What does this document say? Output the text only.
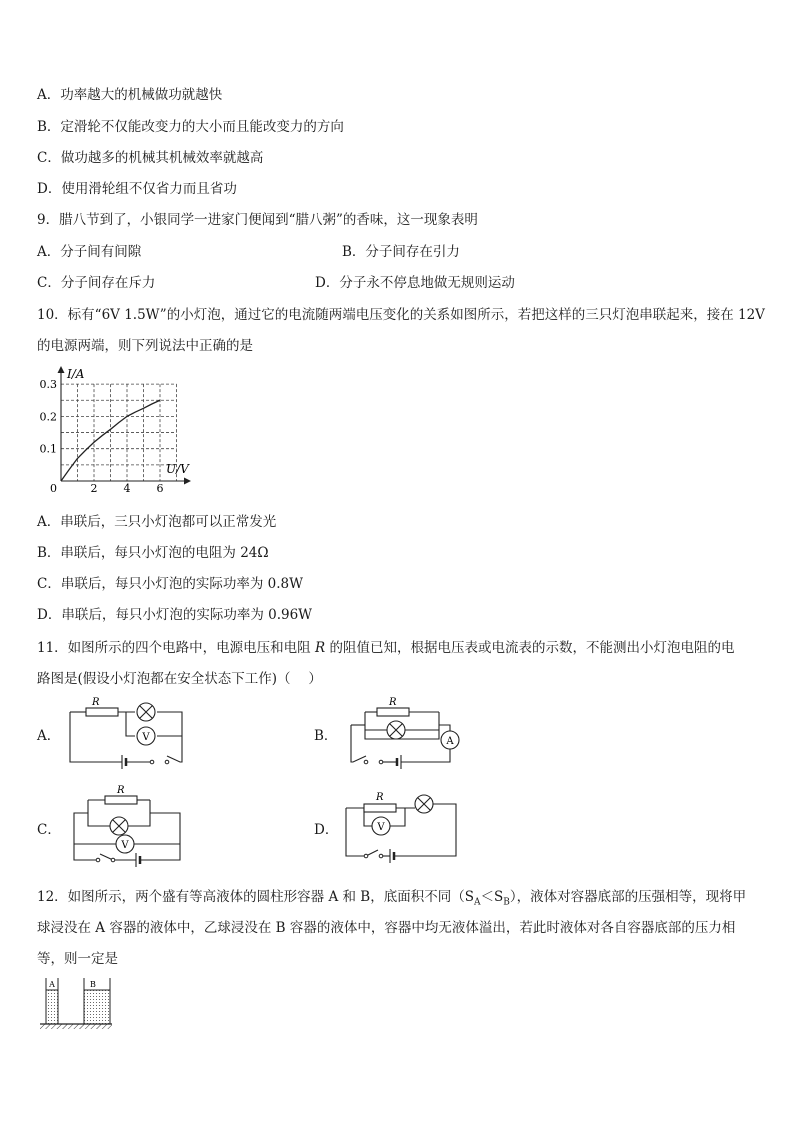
A．功率越大的机械做功就越快
B．定滑轮不仅能改变力的大小而且能改变力的方向
C．做功越多的机械其机械效率就越高
D．使用滑轮组不仅省力而且省功
9．腊八节到了，小银同学一进家门便闻到“腊八粥”的香味，这一现象表明
A．分子间有间隙	B．分子间存在引力
C．分子间存在斥力	D．分子永不停息地做无规则运动
10．标有“6V 1.5W”的小灯泡，通过它的电流随两端电压变化的关系如图所示，若把这样的三只灯泡串联起来，接在 12V
的电源两端，则下列说法中正确的是
I/A
U/V
0	2 4 6
0.1
0.2
0.3
A．串联后，三只小灯泡都可以正常发光
B．串联后，每只小灯泡的电阻为 24Ω
C．串联后，每只小灯泡的实际功率为 0.8W
D．串联后，每只小灯泡的实际功率为 0.96W
11．如图所示的四个电路中，电源电压和电阻 R 的阻值已知，根据电压表或电流表的示数，不能测出小灯泡电阻的电
路图是(假设小灯泡都在安全状态下工作)（　 ）
A．	B．
C．	D．
R
V
R
A
R
V
R
V
12．如图所示，两个盛有等高液体的圆柱形容器 A 和 B，底面积不同$(S_A<S_B)$，液体对容器底部的压强相等，现将甲
球浸没在 A 容器的液体中，乙球浸没在 B 容器的液体中，容器中均无液体溢出，若此时液体对各自容器底部的压力相
等，则一定是
A	B
